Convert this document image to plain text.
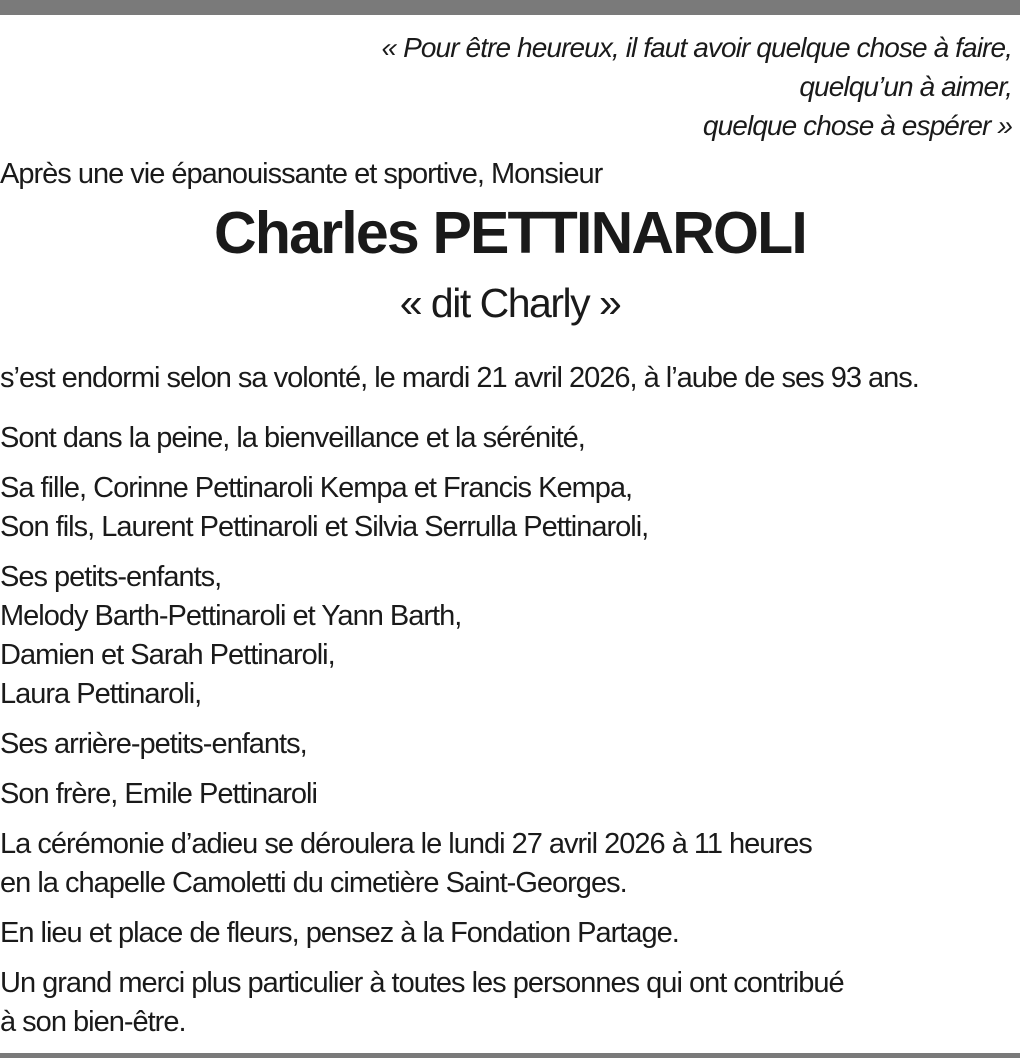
« Pour être heureux, il faut avoir quelque chose à faire,
quelqu’un à aimer,
quelque chose à espérer »
Après une vie épanouissante et sportive, Monsieur
Charles PETTINAROLI
« dit Charly »
s’est endormi selon sa volonté, le mardi 21 avril 2026, à l’aube de ses 93 ans.
Sont dans la peine, la bienveillance et la sérénité,
Sa fille, Corinne Pettinaroli Kempa et Francis Kempa,
Son fils, Laurent Pettinaroli et Silvia Serrulla Pettinaroli,
Ses petits-enfants,
Melody Barth-Pettinaroli et Yann Barth,
Damien et Sarah Pettinaroli,
Laura Pettinaroli,
Ses arrière-petits-enfants,
Son frère, Emile Pettinaroli
La cérémonie d’adieu se déroulera le lundi 27 avril 2026 à 11 heures
en la chapelle Camoletti du cimetière Saint-Georges.
En lieu et place de fleurs, pensez à la Fondation Partage.
Un grand merci plus particulier à toutes les personnes qui ont contribué
à son bien-être.
